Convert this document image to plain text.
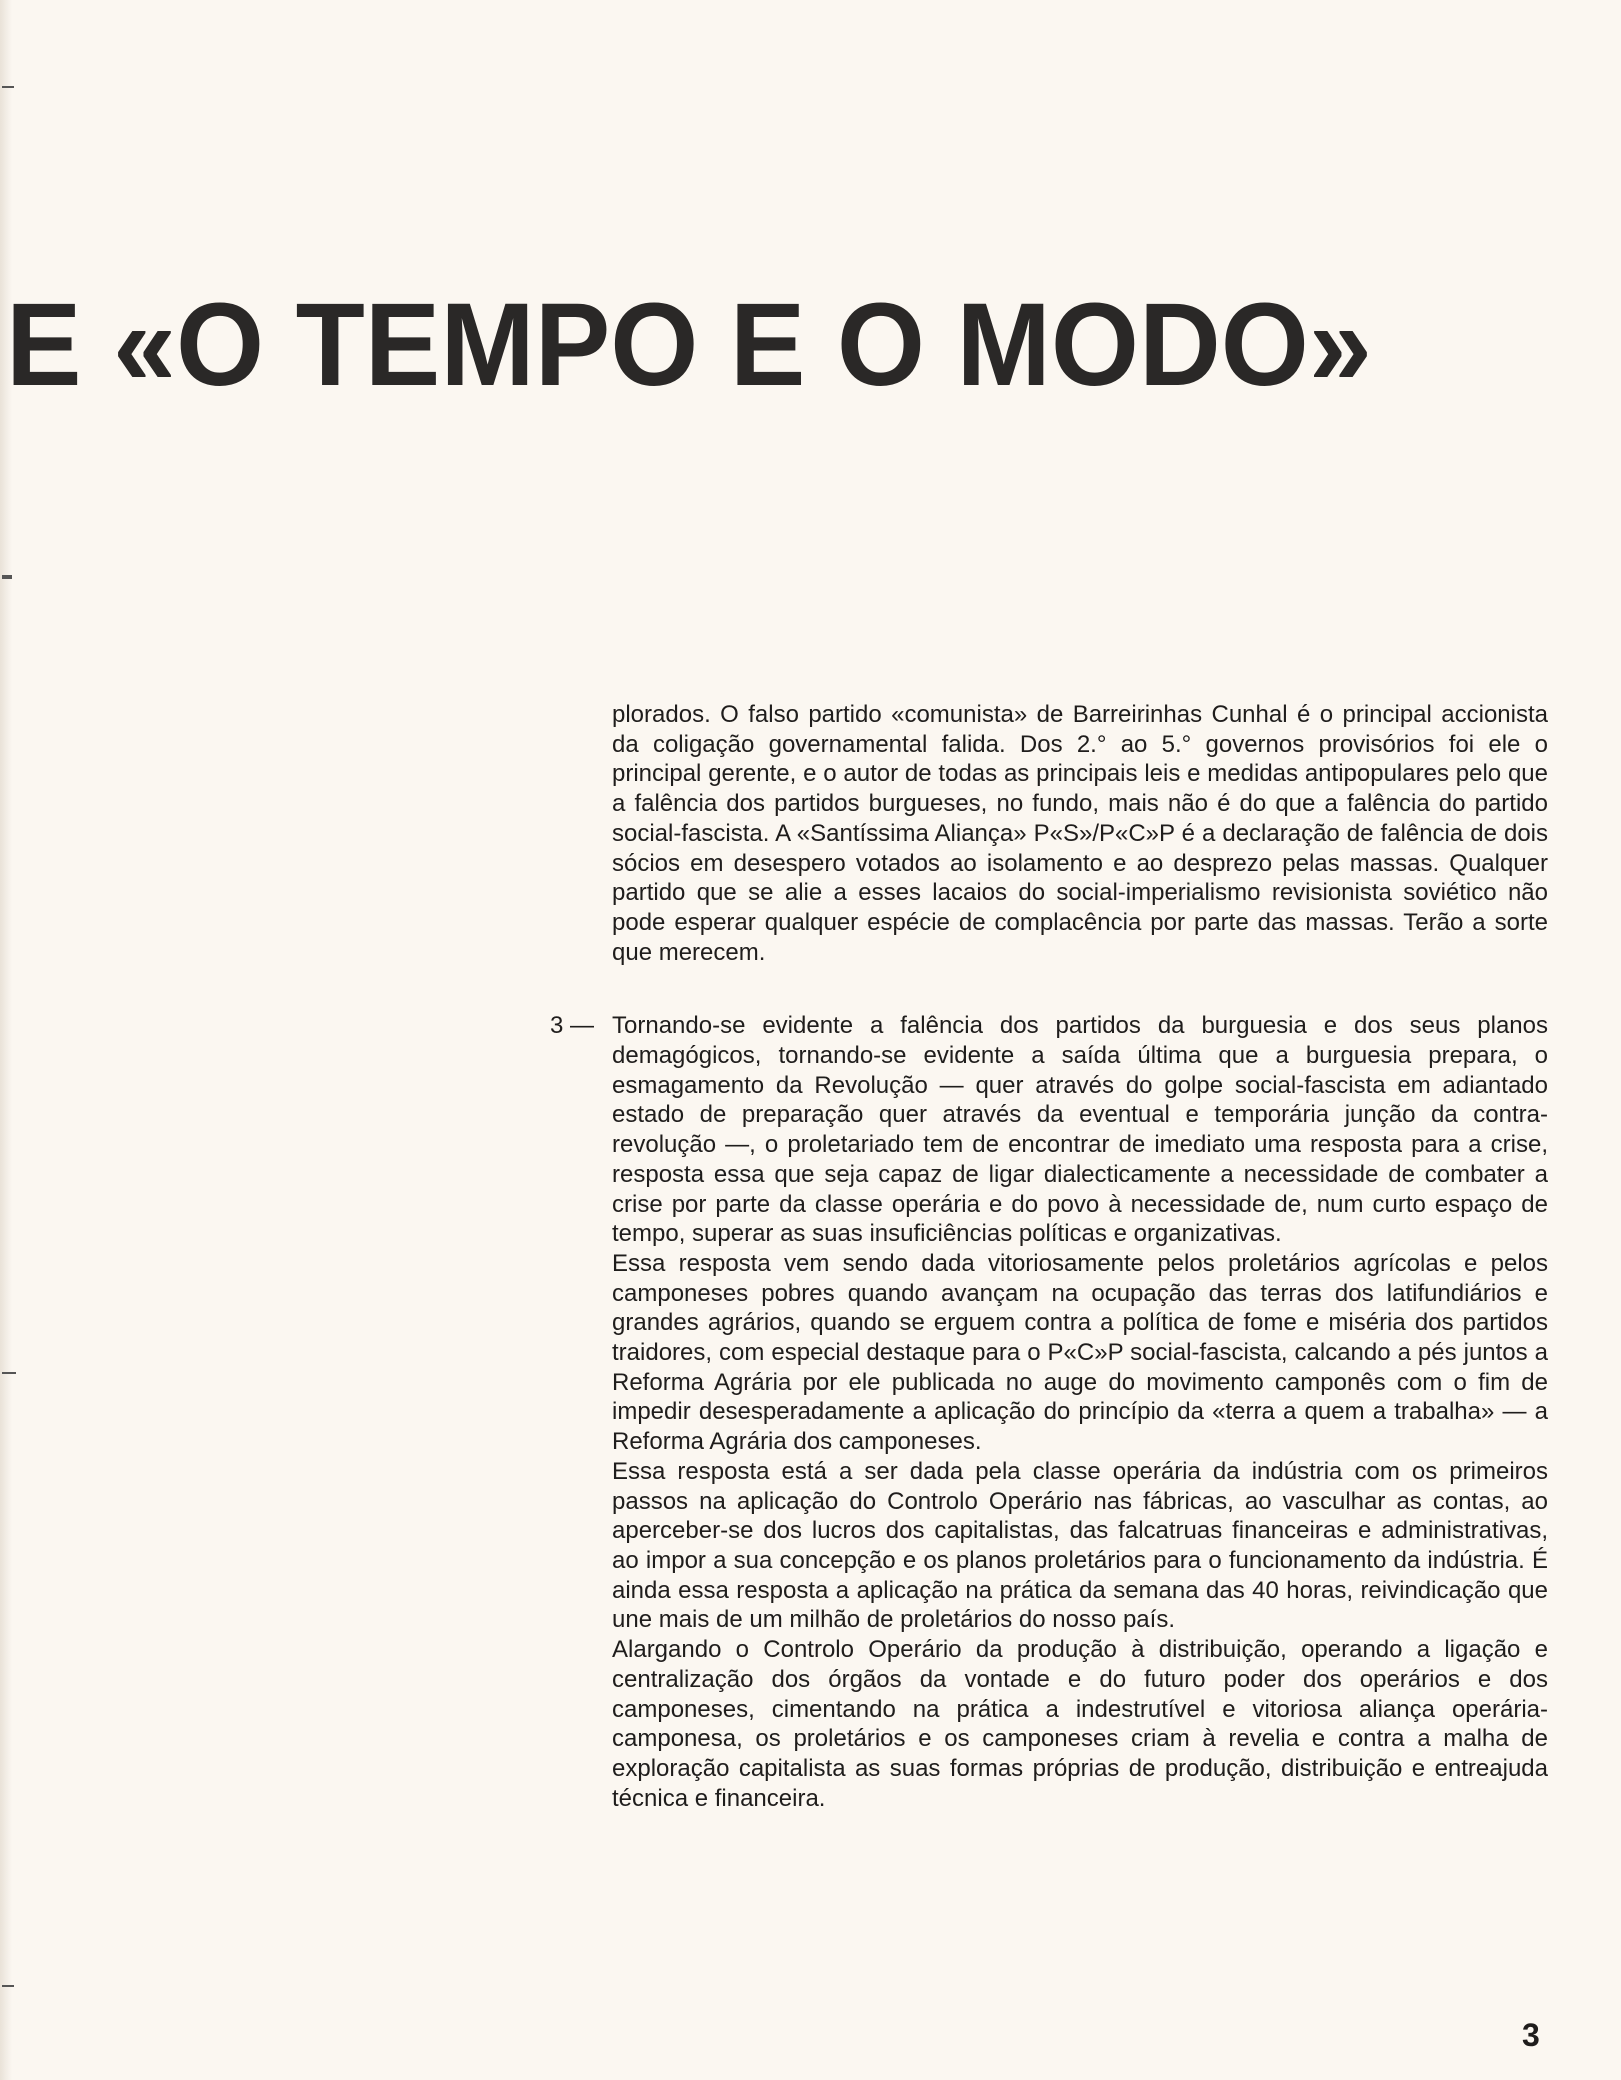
E «O TEMPO E O MODO»

plorados. O falso partido «comunista» de Barreirinhas Cunhal é o principal accionista da coligação governamental falida. Dos 2.° ao 5.° governos provisórios foi ele o principal gerente, e o autor de todas as principais leis e medidas antipopulares pelo que a falência dos partidos burgueses, no fundo, mais não é do que a falência do partido social-fascista. A «Santíssima Aliança» P«S»/P«C»P é a declaração de falência de dois sócios em desespero votados ao isolamento e ao desprezo pelas massas. Qualquer partido que se alie a esses lacaios do social-imperialismo revisionista soviético não pode esperar qualquer espécie de complacência por parte das massas. Terão a sorte que merecem.

3 — Tornando-se evidente a falência dos partidos da burguesia e dos seus planos demagógicos, tornando-se evidente a saída última que a burguesia prepara, o esmagamento da Revolução — quer através do golpe social-fascista em adiantado estado de preparação quer através da eventual e temporária junção da contra-revolução —, o proletariado tem de encontrar de imediato uma resposta para a crise, resposta essa que seja capaz de ligar dialecticamente a necessidade de combater a crise por parte da classe operária e do povo à necessidade de, num curto espaço de tempo, superar as suas insuficiências políticas e organizativas.

Essa resposta vem sendo dada vitoriosamente pelos proletários agrícolas e pelos camponeses pobres quando avançam na ocupação das terras dos latifundiários e grandes agrários, quando se erguem contra a política de fome e miséria dos partidos traidores, com especial destaque para o P«C»P social-fascista, calcando a pés juntos a Reforma Agrária por ele publicada no auge do movimento camponês com o fim de impedir desesperadamente a aplicação do princípio da «terra a quem a trabalha» — a Reforma Agrária dos camponeses.

Essa resposta está a ser dada pela classe operária da indústria com os primeiros passos na aplicação do Controlo Operário nas fábricas, ao vasculhar as contas, ao aperceber-se dos lucros dos capitalistas, das falcatruas financeiras e administrativas, ao impor a sua concepção e os planos proletários para o funcionamento da indústria. É ainda essa resposta a aplicação na prática da semana das 40 horas, reivindicação que une mais de um milhão de proletários do nosso país.

Alargando o Controlo Operário da produção à distribuição, operando a ligação e centralização dos órgãos da vontade e do futuro poder dos operários e dos camponeses, cimentando na prática a indestrutível e vitoriosa aliança operária-camponesa, os proletários e os camponeses criam à revelia e contra a malha de exploração capitalista as suas formas próprias de produção, distribuição e entreajuda técnica e financeira.

3
